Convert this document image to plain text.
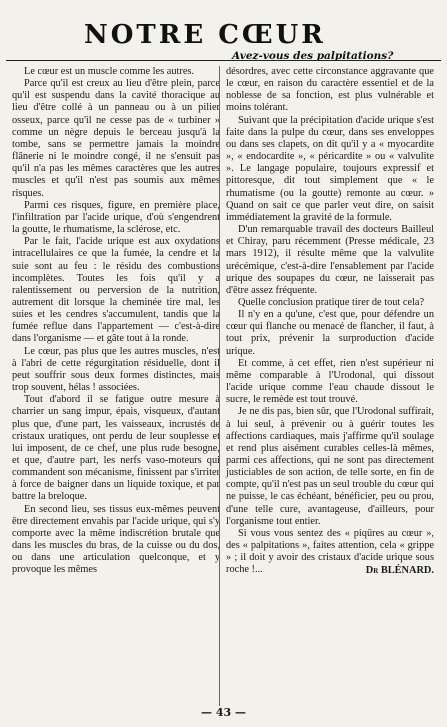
NOTRE CŒUR
Avez-vous des palpitations?

Le cœur est un muscle comme les autres.

Parce qu'il est creux au lieu d'être plein, parce qu'il est suspendu dans la cavité thoracique au lieu d'être collé à un panneau ou à un pilier osseux, parce qu'il ne cesse pas de « turbiner » comme un nègre depuis le berceau jusqu'à la tombe, sans se permettre jamais la moindre flânerie ni le moindre congé, il ne s'ensuit pas qu'il n'a pas les mêmes caractères que les autres muscles et qu'il n'est pas soumis aux mêmes risques.

Parmi ces risques, figure, en première place, l'infiltration par l'acide urique, d'où s'engendrent la goutte, le rhumatisme, la sclérose, etc.

Par le fait, l'acide urique est aux oxydations intracellulaires ce que la fumée, la cendre et la suie sont au feu : le résidu des combustions incomplètes. Toutes les fois qu'il y a ralentissement ou perversion de la nutrition, autrement dit lorsque la cheminée tire mal, les suies et les cendres s'accumulent, tandis que la fumée reflue dans l'appartement — c'est-à-dire dans l'organisme — et gâte tout à la ronde.

Le cœur, pas plus que les autres muscles, n'est à l'abri de cette régurgitation résiduelle, dont il peut souffrir sous deux formes distinctes, mais trop souvent, hélas ! associées.

Tout d'abord il se fatigue outre mesure à charrier un sang impur, épais, visqueux, d'autant plus que, d'une part, les vaisseaux, incrustés de cristaux uratiques, ont perdu de leur souplesse et lui imposent, de ce chef, une plus rude besogne, et que, d'autre part, les nerfs vaso-moteurs qui commandent son mécanisme, finissent par s'irriter à force de baigner dans un liquide toxique, et par battre la breloque.

En second lieu, ses tissus eux-mêmes peuvent être directement envahis par l'acide urique, qui s'y comporte avec la même indiscrétion brutale que dans les muscles du bras, de la cuisse ou du dos, ou dans une articulation quelconque, et y provoque les mêmes

désordres, avec cette circonstance aggravante que le cœur, en raison du caractère essentiel et de la noblesse de sa fonction, est plus vulnérable et moins tolérant.

Suivant que la précipitation d'acide urique s'est faite dans la pulpe du cœur, dans ses enveloppes ou dans ses clapets, on dit qu'il y a « myocardite », « endocardite », « péricardite » ou « valvulite ». Le langage populaire, toujours expressif et pittoresque, dit tout simplement que « le rhumatisme (ou la goutte) remonte au cœur. » Quand on sait ce que parler veut dire, on saisit immédiatement la gravité de la formule.

D'un remarquable travail des docteurs Bailleul et Chiray, paru récemment (Presse médicale, 23 mars 1912), il résulte même que la valvulite urécémique, c'est-à-dire l'ensablement par l'acide urique des soupapes du cœur, ne laisserait pas d'être assez fréquente.

Quelle conclusion pratique tirer de tout cela?

Il n'y en a qu'une, c'est que, pour défendre un cœur qui flanche ou menacé de flancher, il faut, à tout prix, prévenir la surproduction d'acide urique.

Et comme, à cet effet, rien n'est supérieur ni même comparable à l'Urodonal, qui dissout l'acide urique comme l'eau chaude dissout le sucre, le remède est tout trouvé.

Je ne dis pas, bien sûr, que l'Urodonal suffirait, à lui seul, à prévenir ou à guérir toutes les affections cardiaques, mais j'affirme qu'il soulage et rend plus aisément curables celles-là mêmes, parmi ces affections, qui ne sont pas directement justiciables de son action, de telle sorte, en fin de compte, qu'il n'est pas un seul trouble du cœur qui ne puisse, le cas échéant, bénéficier, peu ou prou, d'une telle cure, avantageuse, d'ailleurs, pour l'organisme tout entier.

Si vous vous sentez des « piqûres au cœur », des « palpitations », faites attention, cela « grippe » ; il doit y avoir des cristaux d'acide urique sous roche !...	Dr BLÉNARD.
— 43 —
